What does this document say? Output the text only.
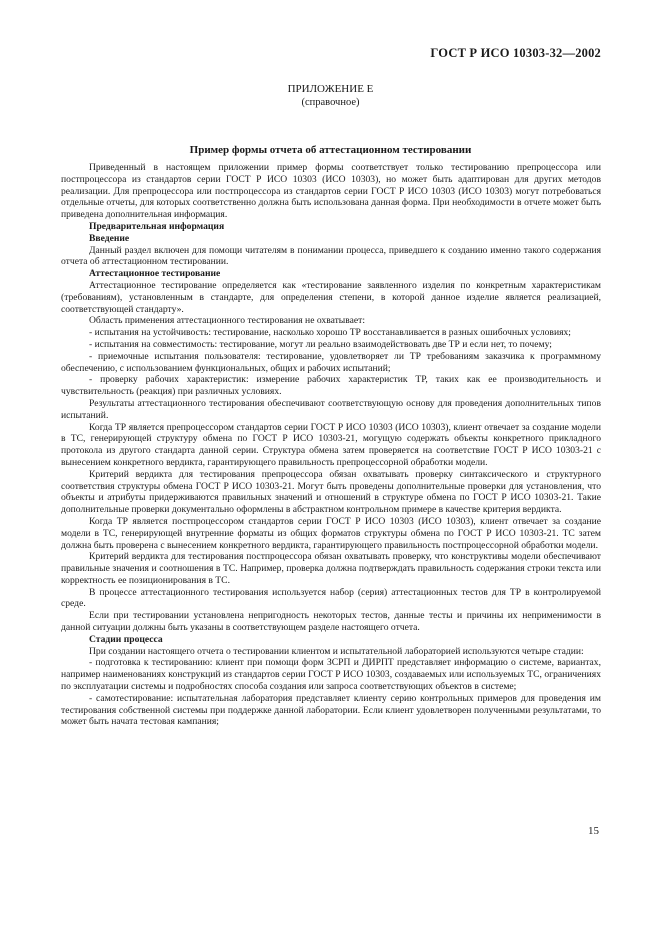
ГОСТ Р ИСО 10303-32—2002
ПРИЛОЖЕНИЕ Е
(справочное)
Пример формы отчета об аттестационном тестировании

Приведенный в настоящем приложении пример формы соответствует только тестированию препроцессора или постпроцессора из стандартов серии ГОСТ Р ИСО 10303 (ИСО 10303), но может быть адаптирован для других методов реализации. Для препроцессора или постпроцессора из стандартов серии ГОСТ Р ИСО 10303 (ИСО 10303) могут потребоваться отдельные отчеты, для которых соответственно должна быть использована данная форма. При необходимости в отчете может быть приведена дополнительная информация.

Предварительная информация

Введение

Данный раздел включен для помощи читателям в понимании процесса, приведшего к созданию именно такого содержания отчета об аттестационном тестировании.

Аттестационное тестирование

Аттестационное тестирование определяется как «тестирование заявленного изделия по конкретным характеристикам (требованиям), установленным в стандарте, для определения степени, в которой данное изделие является реализацией, соответствующей стандарту».

Область применения аттестационного тестирования не охватывает:

- испытания на устойчивость: тестирование, насколько хорошо ТР восстанавливается в разных ошибочных условиях;

- испытания на совместимость: тестирование, могут ли реально взаимодействовать две ТР и если нет, то почему;

- приемочные испытания пользователя: тестирование, удовлетворяет ли ТР требованиям заказчика к программному обеспечению, с использованием функциональных, общих и рабочих испытаний;

- проверку рабочих характеристик: измерение рабочих характеристик ТР, таких как ее производительность и чувствительность (реакция) при различных условиях.

Результаты аттестационного тестирования обеспечивают соответствующую основу для проведения дополнительных типов испытаний.

Когда ТР является препроцессором стандартов серии ГОСТ Р ИСО 10303 (ИСО 10303), клиент отвечает за создание модели в ТС, генерирующей структуру обмена по ГОСТ Р ИСО 10303-21, могущую содержать объекты конкретного прикладного протокола из другого стандарта данной серии. Структура обмена затем проверяется на соответствие ГОСТ Р ИСО 10303-21 с вынесением конкретного вердикта, гарантирующего правильность препроцессорной обработки модели.

Критерий вердикта для тестирования препроцессора обязан охватывать проверку синтаксического и структурного соответствия структуры обмена ГОСТ Р ИСО 10303-21. Могут быть проведены дополнительные проверки для установления, что объекты и атрибуты придерживаются правильных значений и отношений в структуре обмена по ГОСТ Р ИСО 10303-21. Такие дополнительные проверки документально оформлены в абстрактном контрольном примере в качестве критерия вердикта.

Когда ТР является постпроцессором стандартов серии ГОСТ Р ИСО 10303 (ИСО 10303), клиент отвечает за создание модели в ТС, генерирующей внутренние форматы из общих форматов структуры обмена по ГОСТ Р ИСО 10303-21. ТС затем должна быть проверена с вынесением конкретного вердикта, гарантирующего правильность постпроцессорной обработки модели.

Критерий вердикта для тестирования постпроцессора обязан охватывать проверку, что конструктивы модели обеспечивают правильные значения и соотношения в ТС. Например, проверка должна подтверждать правильность содержания строки текста или корректность ее позиционирования в ТС.

В процессе аттестационного тестирования используется набор (серия) аттестационных тестов для ТР в контролируемой среде.

Если при тестировании установлена непригодность некоторых тестов, данные тесты и причины их неприменимости в данной ситуации должны быть указаны в соответствующем разделе настоящего отчета.

Стадии процесса

При создании настоящего отчета о тестировании клиентом и испытательной лабораторией используются четыре стадии:

- подготовка к тестированию: клиент при помощи форм ЗСРП и ДИРПТ представляет информацию о системе, вариантах, например наименованиях конструкций из стандартов серии ГОСТ Р ИСО 10303, создаваемых или используемых ТС, ограничениях по эксплуатации системы и подробностях способа создания или запроса соответствующих объектов в системе;

- самотестирование: испытательная лаборатория представляет клиенту серию контрольных примеров для проведения им тестирования собственной системы при поддержке данной лаборатории. Если клиент удовлетворен полученными результатами, то может быть начата тестовая кампания;

15
